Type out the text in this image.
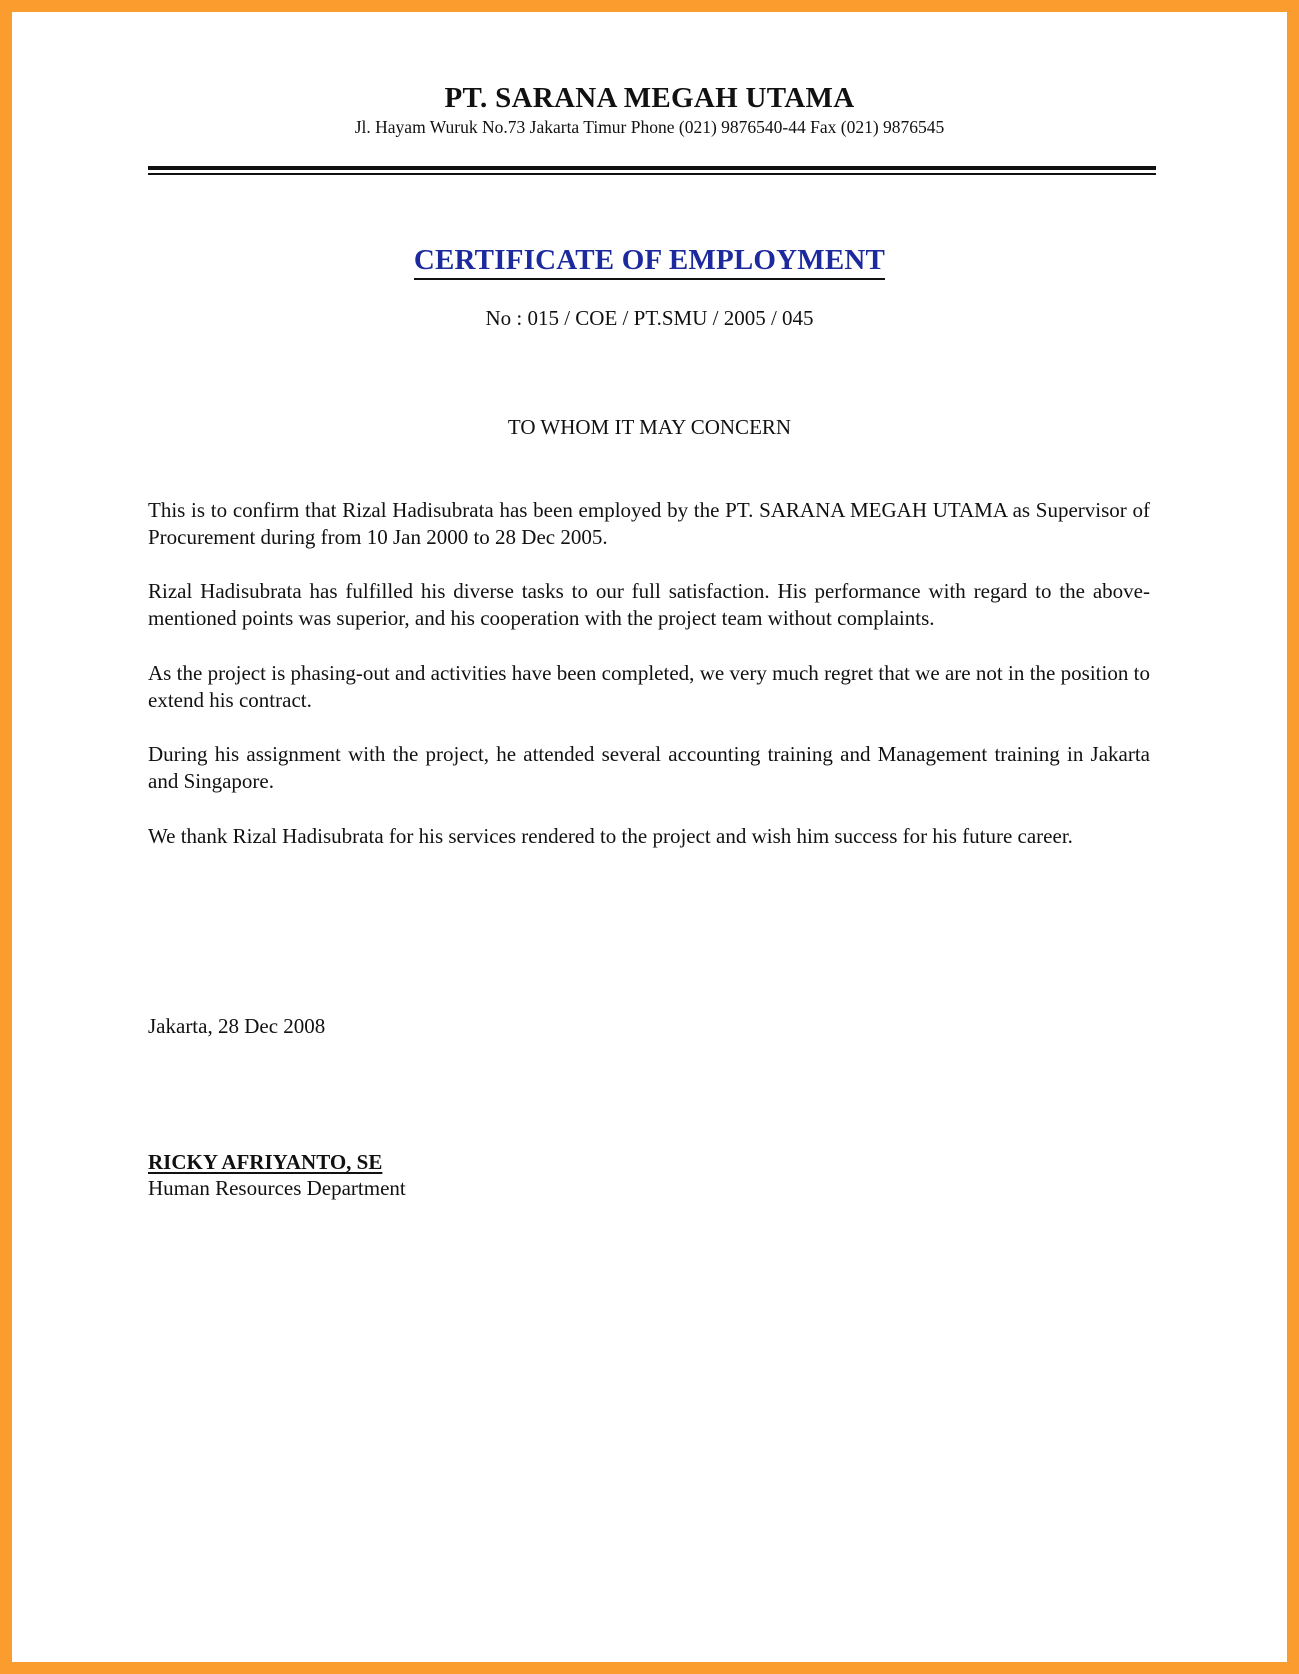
PT. SARANA MEGAH UTAMA
Jl. Hayam Wuruk No.73 Jakarta Timur Phone (021) 9876540-44 Fax (021) 9876545
CERTIFICATE OF EMPLOYMENT
No : 015 / COE / PT.SMU / 2005 / 045
TO WHOM IT MAY CONCERN

This is to confirm that Rizal Hadisubrata has been employed by the PT. SARANA MEGAH UTAMA as Supervisor of Procurement during from 10 Jan 2000 to 28 Dec 2005.

Rizal Hadisubrata has fulfilled his diverse tasks to our full satisfaction. His performance with regard to the above-mentioned points was superior, and his cooperation with the project team without complaints.

As the project is phasing-out and activities have been completed, we very much regret that we are not in the position to extend his contract.

During his assignment with the project, he attended several accounting training and Management training in Jakarta and Singapore.

We thank Rizal Hadisubrata for his services rendered to the project and wish him success for his future career.

Jakarta, 28 Dec 2008
RICKY AFRIYANTO, SE
Human Resources Department
